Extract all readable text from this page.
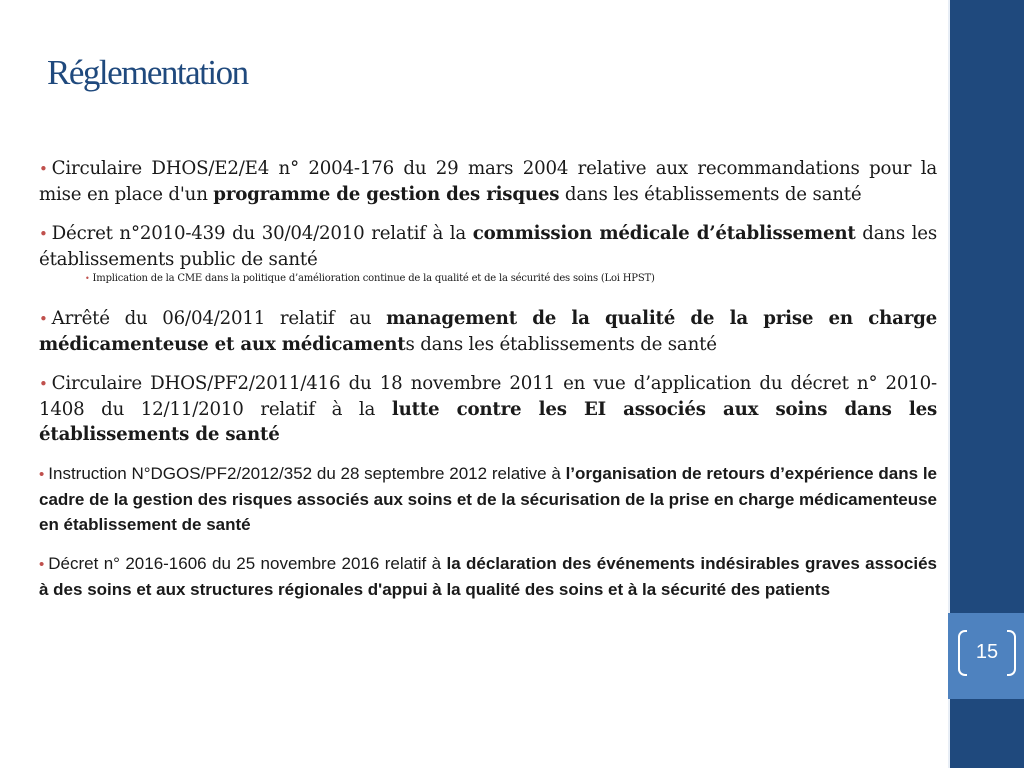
15
Réglementation
• Circulaire DHOS/E2/E4 n° 2004-176 du 29 mars 2004 relative aux recommandations pour la mise en place d'un programme de gestion des risques dans les établissements de santé
• Décret n°2010-439 du 30/04/2010 relatif à la commission médicale d’établissement dans les établissements public de santé
• Implication de la CME dans la politique d’amélioration continue de la qualité et de la sécurité des soins (Loi HPST)
• Arrêté du 06/04/2011 relatif au management de la qualité de la prise en charge médicamenteuse et aux médicaments dans les établissements de santé
• Circulaire DHOS/PF2/2011/416 du 18 novembre 2011 en vue d’application du décret n° 2010-1408 du 12/11/2010 relatif à la lutte contre les EI associés aux soins dans les établissements de santé
• Instruction N°DGOS/PF2/2012/352 du 28 septembre 2012 relative à l’organisation de retours d’expérience dans le cadre de la gestion des risques associés aux soins et de la sécurisation de la prise en charge médicamenteuse en établissement de santé
• Décret n° 2016-1606 du 25 novembre 2016 relatif à la déclaration des événements indésirables graves associés à des soins et aux structures régionales d'appui à la qualité des soins et à la sécurité des patients
